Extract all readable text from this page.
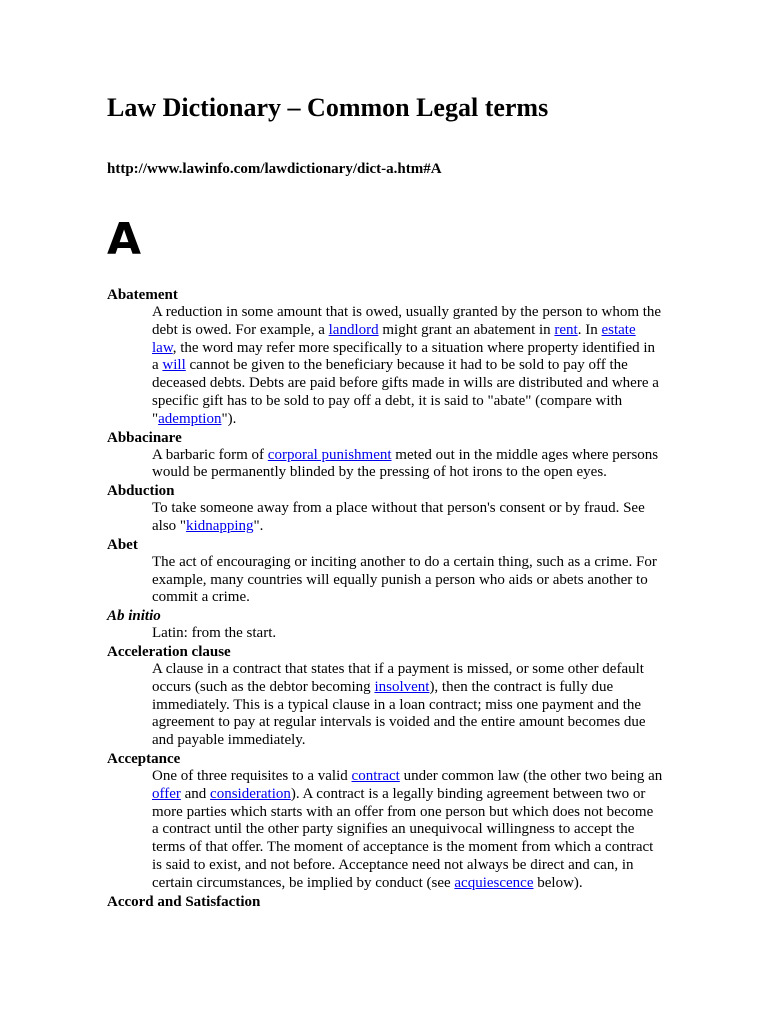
Law Dictionary – Common Legal terms
http://www.lawinfo.com/lawdictionary/dict-a.htm#A
A
Abatement
A reduction in some amount that is owed, usually granted by the person to whom the debt is owed. For example, a landlord might grant an abatement in rent. In estate law, the word may refer more specifically to a situation where property identified in a will cannot be given to the beneficiary because it had to be sold to pay off the deceased debts. Debts are paid before gifts made in wills are distributed and where a specific gift has to be sold to pay off a debt, it is said to "abate" (compare with "ademption").
Abbacinare
A barbaric form of corporal punishment meted out in the middle ages where persons would be permanently blinded by the pressing of hot irons to the open eyes.
Abduction
To take someone away from a place without that person's consent or by fraud. See also "kidnapping".
Abet
The act of encouraging or inciting another to do a certain thing, such as a crime. For example, many countries will equally punish a person who aids or abets another to commit a crime.
Ab initio
Latin: from the start.
Acceleration clause
A clause in a contract that states that if a payment is missed, or some other default occurs (such as the debtor becoming insolvent), then the contract is fully due immediately. This is a typical clause in a loan contract; miss one payment and the agreement to pay at regular intervals is voided and the entire amount becomes due and payable immediately.
Acceptance
One of three requisites to a valid contract under common law (the other two being an offer and consideration). A contract is a legally binding agreement between two or more parties which starts with an offer from one person but which does not become a contract until the other party signifies an unequivocal willingness to accept the terms of that offer. The moment of acceptance is the moment from which a contract is said to exist, and not before. Acceptance need not always be direct and can, in certain circumstances, be implied by conduct (see acquiescence below).
Accord and Satisfaction
